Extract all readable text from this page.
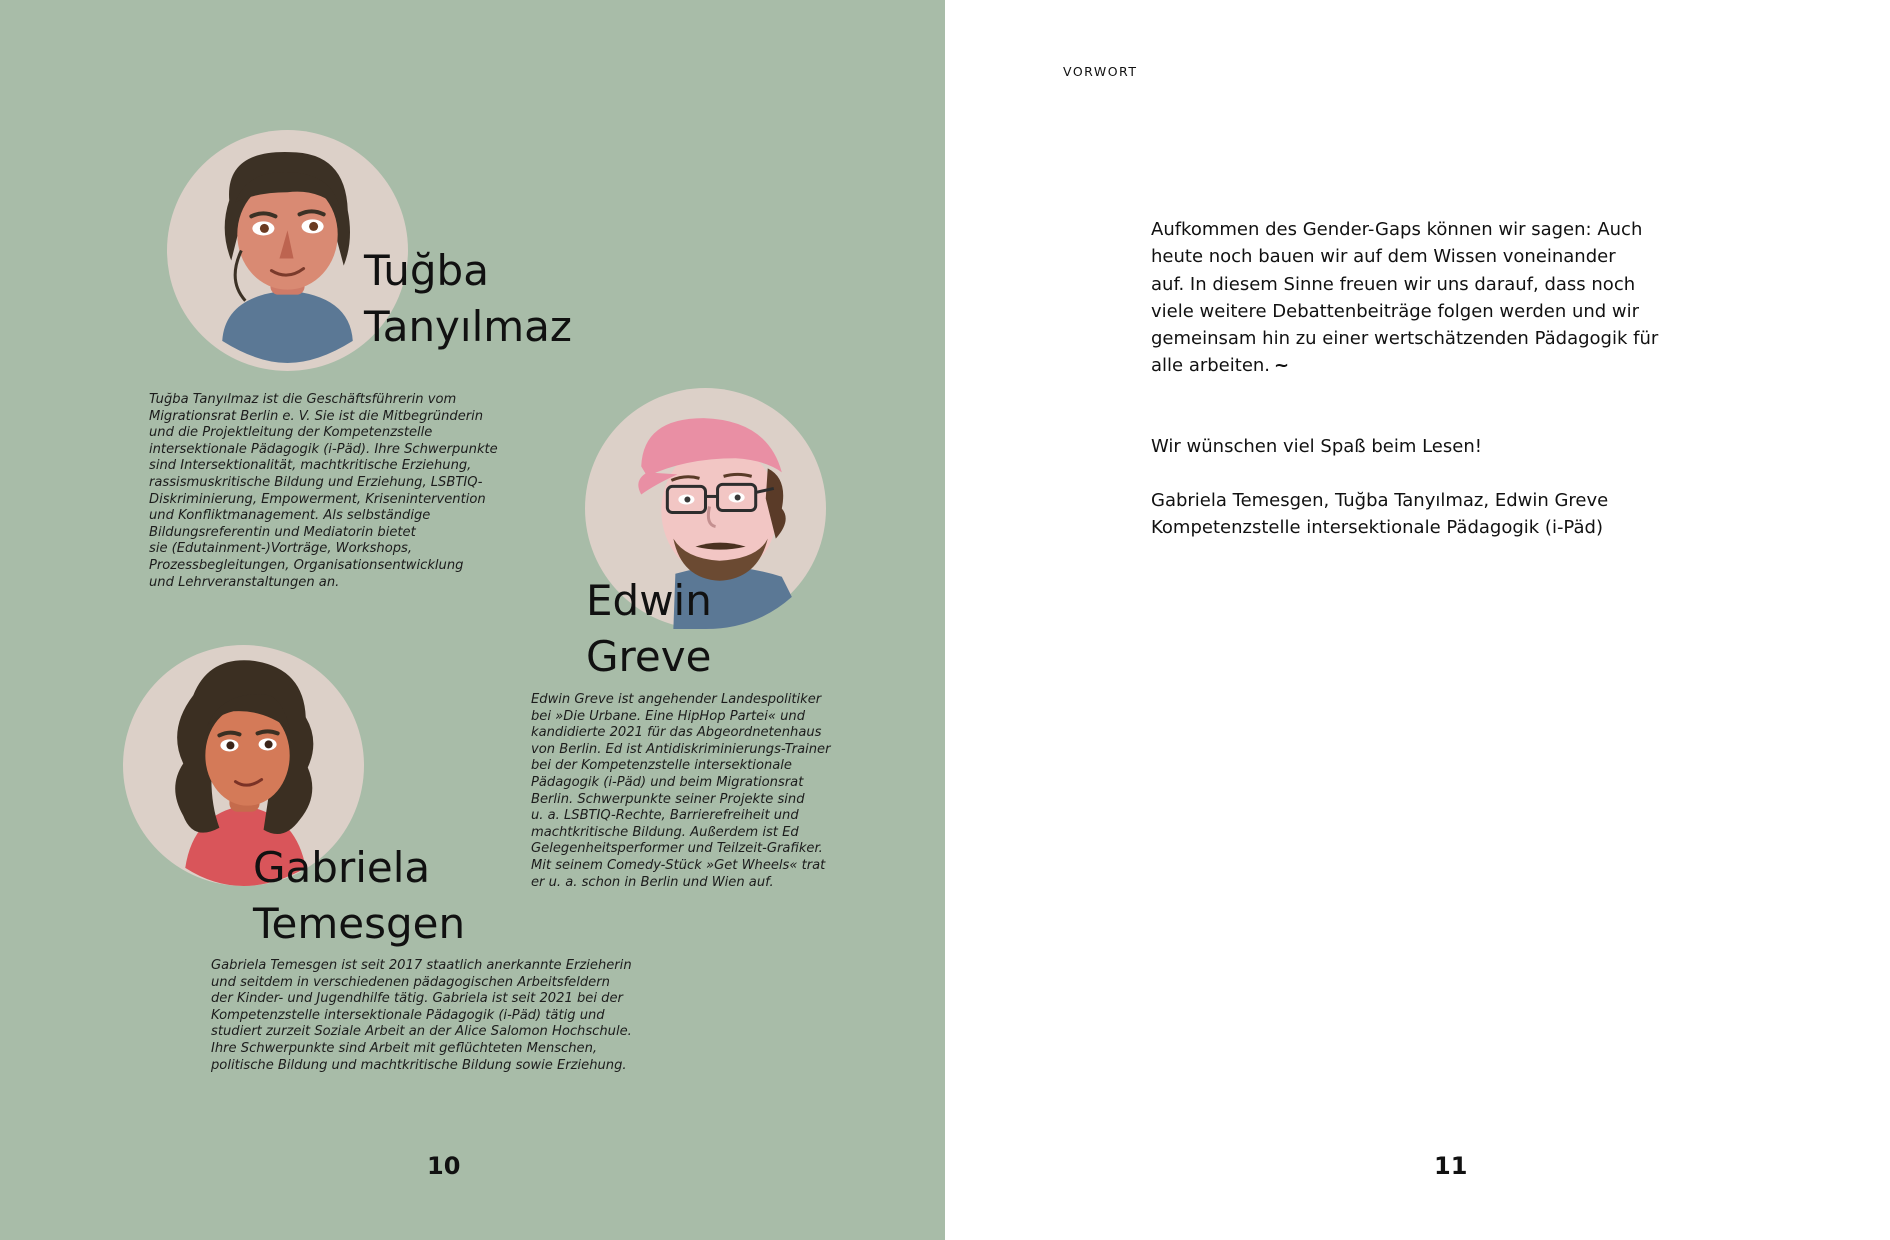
Tuğba
Tanyılmaz

Tuğba Tanyılmaz ist die Geschäftsführerin vom
Migrationsrat Berlin e. V. Sie ist die Mitbegründerin
und die Projektleitung der Kompetenzstelle
intersektionale Pädagogik (i-Päd). Ihre Schwerpunkte
sind Intersektionalität, machtkritische Erziehung,
rassismuskritische Bildung und Erziehung, LSBTIQ-
Diskriminierung, Empowerment, Krisenintervention
und Konfliktmanagement. Als selbständige
Bildungsreferentin und Mediatorin bietet
sie (Edutainment-)Vorträge, Workshops,
Prozessbegleitungen, Organisationsentwicklung
und Lehrveranstaltungen an.	Edwin
Greve

Edwin Greve ist angehender Landespolitiker
bei »Die Urbane. Eine HipHop Partei« und
kandidierte 2021 für das Abgeordnetenhaus
von Berlin. Ed ist Antidiskriminierungs-Trainer
bei der Kompetenzstelle intersektionale
Pädagogik (i-Päd) und beim Migrationsrat
Berlin. Schwerpunkte seiner Projekte sind
u. a. LSBTIQ-Rechte, Barrierefreiheit und
machtkritische Bildung. Außerdem ist Ed
Gelegenheitsperformer und Teilzeit-Grafiker.
Mit seinem Comedy-Stück »Get Wheels« trat
er u. a. schon in Berlin und Wien auf.

Gabriela
Temesgen

Gabriela Temesgen ist seit 2017 staatlich anerkannte Erzieherin
und seitdem in verschiedenen pädagogischen Arbeitsfeldern
der Kinder- und Jugendhilfe tätig. Gabriela ist seit 2021 bei der
Kompetenzstelle intersektionale Pädagogik (i-Päd) tätig und
studiert zurzeit Soziale Arbeit an der Alice Salomon Hochschule.
Ihre Schwerpunkte sind Arbeit mit geflüchteten Menschen,
politische Bildung und machtkritische Bildung sowie Erziehung.

10
VORWORT

Aufkommen des Gender-Gaps können wir sagen: Auch
heute noch bauen wir auf dem Wissen voneinander
auf. In diesem Sinne freuen wir uns darauf, dass noch
viele weitere Debattenbeiträge folgen werden und wir
gemeinsam hin zu einer wertschätzenden Pädagogik für
alle arbeiten. ~

Wir wünschen viel Spaß beim Lesen!

Gabriela Temesgen, Tuğba Tanyılmaz, Edwin Greve
Kompetenzstelle intersektionale Pädagogik (i-Päd)

11
